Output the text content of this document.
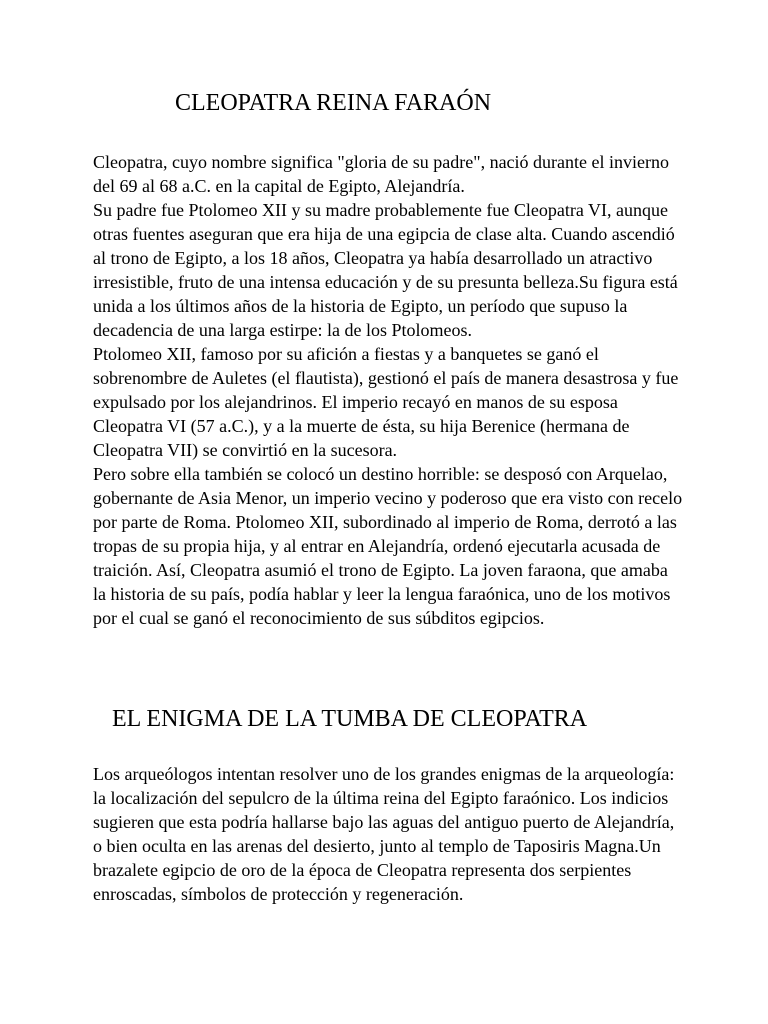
CLEOPATRA REINA FARAÓN

Cleopatra, cuyo nombre significa "gloria de su padre", nació durante el invierno del 69 al 68 a.C. en la capital de Egipto, Alejandría.

Su padre fue Ptolomeo XII y su madre probablemente fue Cleopatra VI, aunque otras fuentes aseguran que era hija de una egipcia de clase alta. Cuando ascendió al trono de Egipto, a los 18 años, Cleopatra ya había desarrollado un atractivo irresistible, fruto de una intensa educación y de su presunta belleza.Su figura está unida a los últimos años de la historia de Egipto, un período que supuso la decadencia de una larga estirpe: la de los Ptolomeos.

Ptolomeo XII, famoso por su afición a fiestas y a banquetes se ganó el sobrenombre de Auletes (el flautista), gestionó el país de manera desastrosa y fue expulsado por los alejandrinos. El imperio recayó en manos de su esposa Cleopatra VI (57 a.C.), y a la muerte de ésta, su hija Berenice (hermana de Cleopatra VII) se convirtió en la sucesora.

Pero sobre ella también se colocó un destino horrible: se desposó con Arquelao, gobernante de Asia Menor, un imperio vecino y poderoso que era visto con recelo por parte de Roma. Ptolomeo XII, subordinado al imperio de Roma, derrotó a las tropas de su propia hija, y al entrar en Alejandría, ordenó ejecutarla acusada de traición. Así, Cleopatra asumió el trono de Egipto. La joven faraona, que amaba la historia de su país, podía hablar y leer la lengua faraónica, uno de los motivos por el cual se ganó el reconocimiento de sus súbditos egipcios.

EL ENIGMA DE LA TUMBA DE CLEOPATRA

Los arqueólogos intentan resolver uno de los grandes enigmas de la arqueología: la localización del sepulcro de la última reina del Egipto faraónico. Los indicios sugieren que esta podría hallarse bajo las aguas del antiguo puerto de Alejandría, o bien oculta en las arenas del desierto, junto al templo de Taposiris Magna.Un brazalete egipcio de oro de la época de Cleopatra representa dos serpientes enroscadas, símbolos de protección y regeneración.
